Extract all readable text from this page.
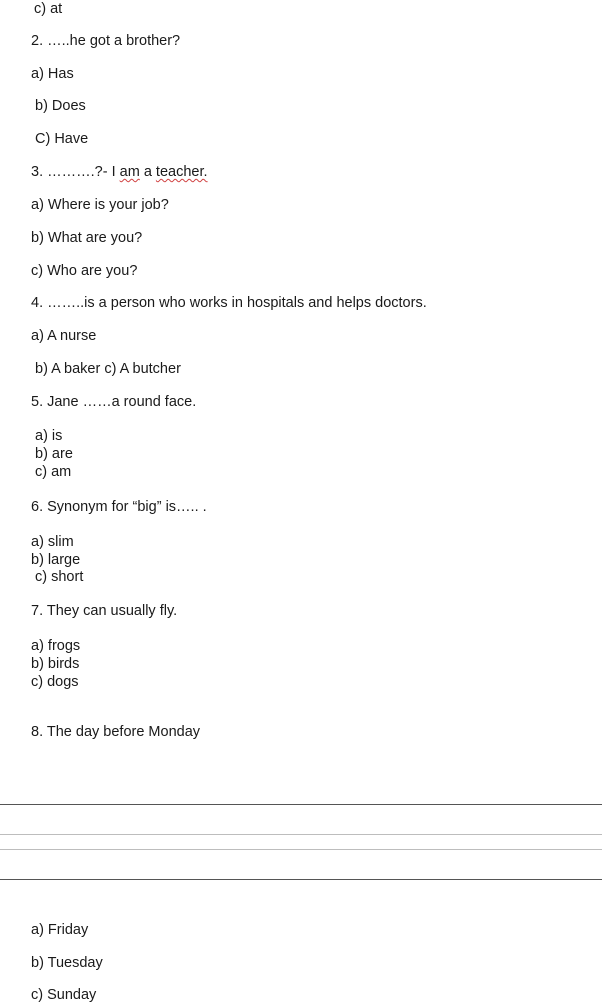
c) at
2. …..he got a brother?
a) Has
b) Does
C) Have
3. ……….?- I am a teacher.
a) Where is your job?
b) What are you?
c) Who are you?
4. ……..is a person who works in hospitals and helps doctors.
a) A nurse
b) A baker c) A butcher
5. Jane ……a round face.
a) is
b) are
c) am
6. Synonym for “big” is….. .
a) slim
b) large
c) short
7. They can usually fly.
a) frogs
b) birds
c) dogs
8. The day before Monday
a) Friday
b) Tuesday
c) Sunday
